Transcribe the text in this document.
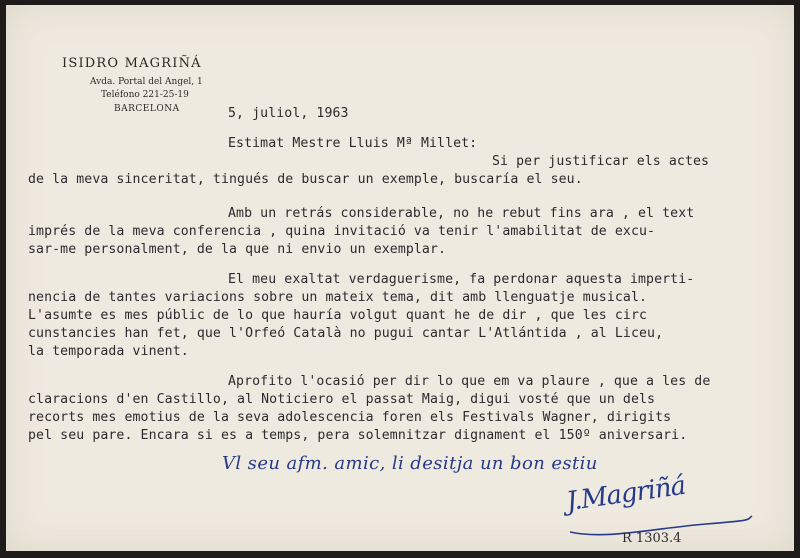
ISIDRO MAGRIÑÁ
Avda. Portal del Angel, 1
Teléfono 221-25-19
BARCELONA	5, juliol, 1963
Estimat Mestre Lluis Mª Millet:
Si per justificar els actes
de la meva sinceritat, tingués de buscar un exemple, buscaría el seu.
Amb un retrás considerable, no he rebut fins ara , el text
imprés de la meva conferencia , quina invitació va tenir l'amabilitat de excu-
sar-me personalment, de la que ni envio un exemplar.
El meu exaltat verdaguerisme, fa perdonar aquesta imperti-
nencia de tantes variacions sobre un mateix tema, dit amb llenguatje musical.
L'asumte es mes públic de lo que hauría volgut quant he de dir , que les circ
cunstancies han fet, que l'Orfeó Català no pugui cantar L'Atlántida , al Liceu,
la temporada vinent.
Aprofito l'ocasió per dir lo que em va plaure , que a les de
claracions d'en Castillo, al Noticiero el passat Maig, digui vosté que un dels
recorts mes emotius de la seva adolescencia foren els Festivals Wagner, dirigits
pel seu pare. Encara si es a temps, pera solemnitzar dignament el 150º aniversari.
Vl seu afm. amic, li desitja un bon estiu
J.Magriñá
R 1303.4
